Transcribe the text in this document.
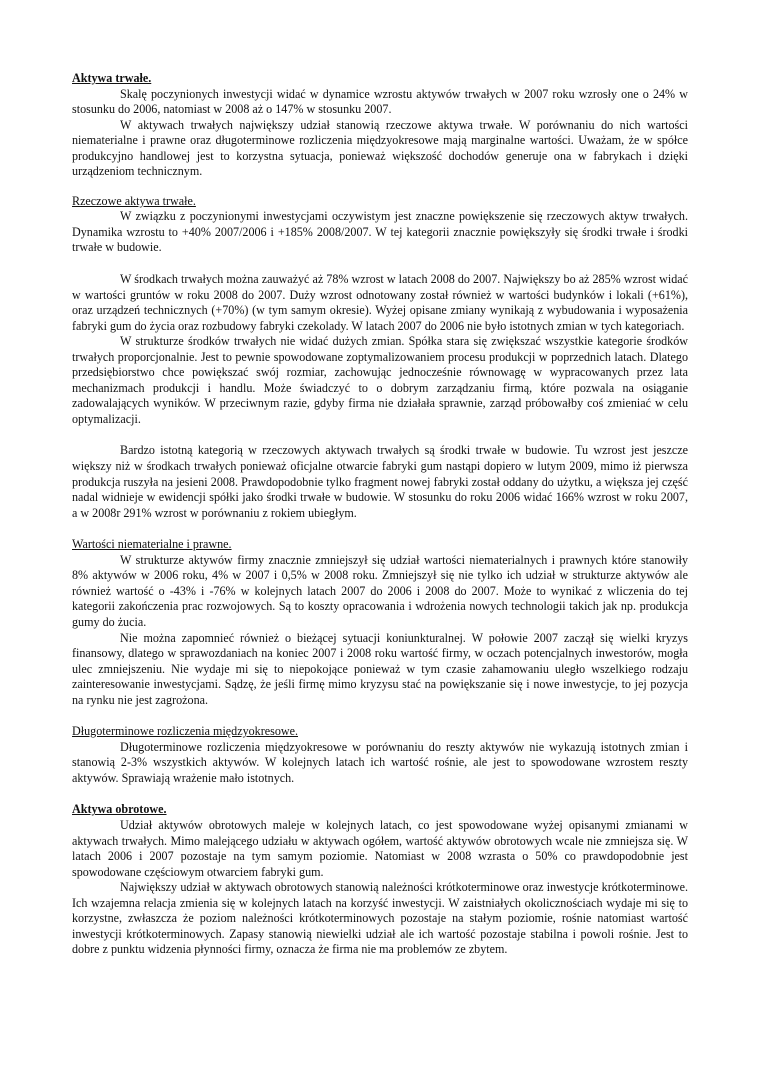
Aktywa trwałe.

Skalę poczynionych inwestycji widać w dynamice wzrostu aktywów trwałych w 2007 roku wzrosły one o 24% w stosunku do 2006, natomiast w 2008 aż o 147% w stosunku 2007.

W aktywach trwałych największy udział stanowią rzeczowe aktywa trwałe. W porównaniu do nich wartości niematerialne i prawne oraz długoterminowe rozliczenia międzyokresowe mają marginalne wartości. Uważam, że w spółce produkcyjno handlowej jest to korzystna sytuacja, ponieważ większość dochodów generuje ona w fabrykach i dzięki urządzeniom technicznym.

Rzeczowe aktywa trwałe.

W związku z poczynionymi inwestycjami oczywistym jest znaczne powiększenie się rzeczowych aktyw trwałych. Dynamika wzrostu to +40% 2007/2006 i +185% 2008/2007. W tej kategorii znacznie powiększyły się środki trwałe i środki trwałe w budowie.

W środkach trwałych można zauważyć aż 78% wzrost w latach 2008 do 2007. Największy bo aż 285% wzrost widać w wartości gruntów w roku 2008 do 2007. Duży wzrost odnotowany został również w wartości budynków i lokali (+61%), oraz urządzeń technicznych (+70%) (w tym samym okresie). Wyżej opisane zmiany wynikają z wybudowania i wyposażenia fabryki gum do życia oraz rozbudowy fabryki czekolady. W latach 2007 do 2006 nie było istotnych zmian w tych kategoriach.

W strukturze środków trwałych nie widać dużych zmian. Spółka stara się zwiększać wszystkie kategorie środków trwałych proporcjonalnie. Jest to pewnie spowodowane zoptymalizowaniem procesu produkcji w poprzednich latach. Dlatego przedsiębiorstwo chce powiększać swój rozmiar, zachowując jednocześnie równowagę w wypracowanych przez lata mechanizmach produkcji i handlu. Może świadczyć to o dobrym zarządzaniu firmą, które pozwala na osiąganie zadowalających wyników. W przeciwnym razie, gdyby firma nie działała sprawnie, zarząd próbowałby coś zmieniać w celu optymalizacji.

Bardzo istotną kategorią w rzeczowych aktywach trwałych są środki trwałe w budowie. Tu wzrost jest jeszcze większy niż w środkach trwałych ponieważ oficjalne otwarcie fabryki gum nastąpi dopiero w lutym 2009, mimo iż pierwsza produkcja ruszyła na jesieni 2008. Prawdopodobnie tylko fragment nowej fabryki został oddany do użytku, a większa jej część nadal widnieje w ewidencji spółki jako środki trwałe w budowie. W stosunku do roku 2006 widać 166% wzrost w roku 2007, a w 2008r 291% wzrost w porównaniu z rokiem ubiegłym.

Wartości niematerialne i prawne.

W strukturze aktywów firmy znacznie zmniejszył się udział wartości niematerialnych i prawnych które stanowiły 8% aktywów w 2006 roku, 4% w 2007 i 0,5% w 2008 roku. Zmniejszył się nie tylko ich udział w strukturze aktywów ale również wartość o -43% i -76% w kolejnych latach 2007 do 2006 i 2008 do 2007. Może to wynikać z wliczenia do tej kategorii zakończenia prac rozwojowych. Są to koszty opracowania i wdrożenia nowych technologii takich jak np. produkcja gumy do żucia.

Nie można zapomnieć również o bieżącej sytuacji koniunkturalnej. W połowie 2007 zaczął się wielki kryzys finansowy, dlatego w sprawozdaniach na koniec 2007 i 2008 roku wartość firmy, w oczach potencjalnych inwestorów, mogła ulec zmniejszeniu. Nie wydaje mi się to niepokojące ponieważ w tym czasie zahamowaniu uległo wszelkiego rodzaju zainteresowanie inwestycjami. Sądzę, że jeśli firmę mimo kryzysu stać na powiększanie się i nowe inwestycje, to jej pozycja na rynku nie jest zagrożona.

Długoterminowe rozliczenia międzyokresowe.

Długoterminowe rozliczenia międzyokresowe w porównaniu do reszty aktywów nie wykazują istotnych zmian i stanowią 2-3% wszystkich aktywów. W kolejnych latach ich wartość rośnie, ale jest to spowodowane wzrostem reszty aktywów. Sprawiają wrażenie mało istotnych.

Aktywa obrotowe.

Udział aktywów obrotowych maleje w kolejnych latach, co jest spowodowane wyżej opisanymi zmianami w aktywach trwałych. Mimo malejącego udziału w aktywach ogółem, wartość aktywów obrotowych wcale nie zmniejsza się. W latach 2006 i 2007 pozostaje na tym samym poziomie. Natomiast w 2008 wzrasta o 50% co prawdopodobnie jest spowodowane częściowym otwarciem fabryki gum.

Największy udział w aktywach obrotowych stanowią należności krótkoterminowe oraz inwestycje krótkoterminowe. Ich wzajemna relacja zmienia się w kolejnych latach na korzyść inwestycji. W zaistniałych okolicznościach wydaje mi się to korzystne, zwłaszcza że poziom należności krótkoterminowych pozostaje na stałym poziomie, rośnie natomiast wartość inwestycji krótkoterminowych. Zapasy stanowią niewielki udział ale ich wartość pozostaje stabilna i powoli rośnie. Jest to dobre z punktu widzenia płynności firmy, oznacza że firma nie ma problemów ze zbytem.
